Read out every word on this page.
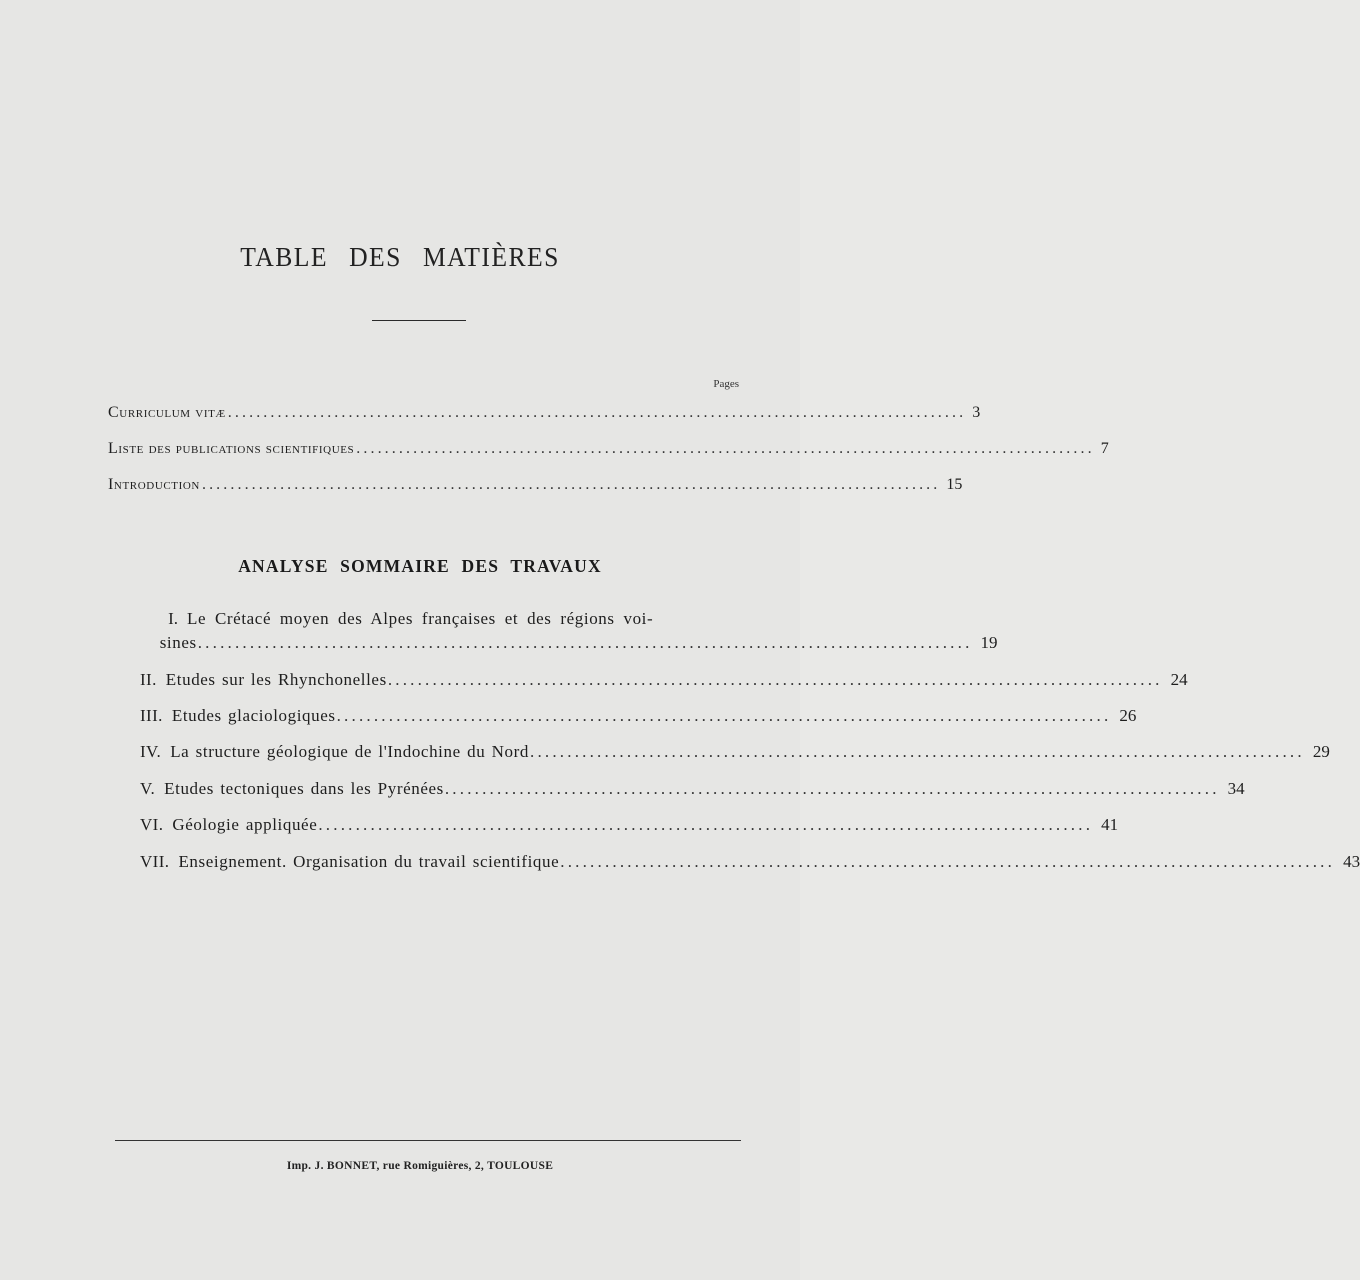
TABLE DES MATIÈRES
Pages
Curriculum vitæ ........................................................................................................ 3
Liste des publications scientifiques ........................................................................................................ 7
Introduction ........................................................................................................ 15
ANALYSE SOMMAIRE DES TRAVAUX
Le Crétacé moyen des Alpes françaises et des régions voi-
sines ........................................................................................................ 19
I.
II. Etudes sur les Rhynchonelles ........................................................................................................ 24
III. Etudes glaciologiques ........................................................................................................ 26
IV. La structure géologique de l'Indochine du Nord ........................................................................................................ 29
V. Etudes tectoniques dans les Pyrénées ........................................................................................................ 34
VI. Géologie appliquée ........................................................................................................ 41
VII. Enseignement. Organisation du travail scientifique ........................................................................................................ 43
Imp. J. BONNET, rue Romiguières, 2, TOULOUSE
